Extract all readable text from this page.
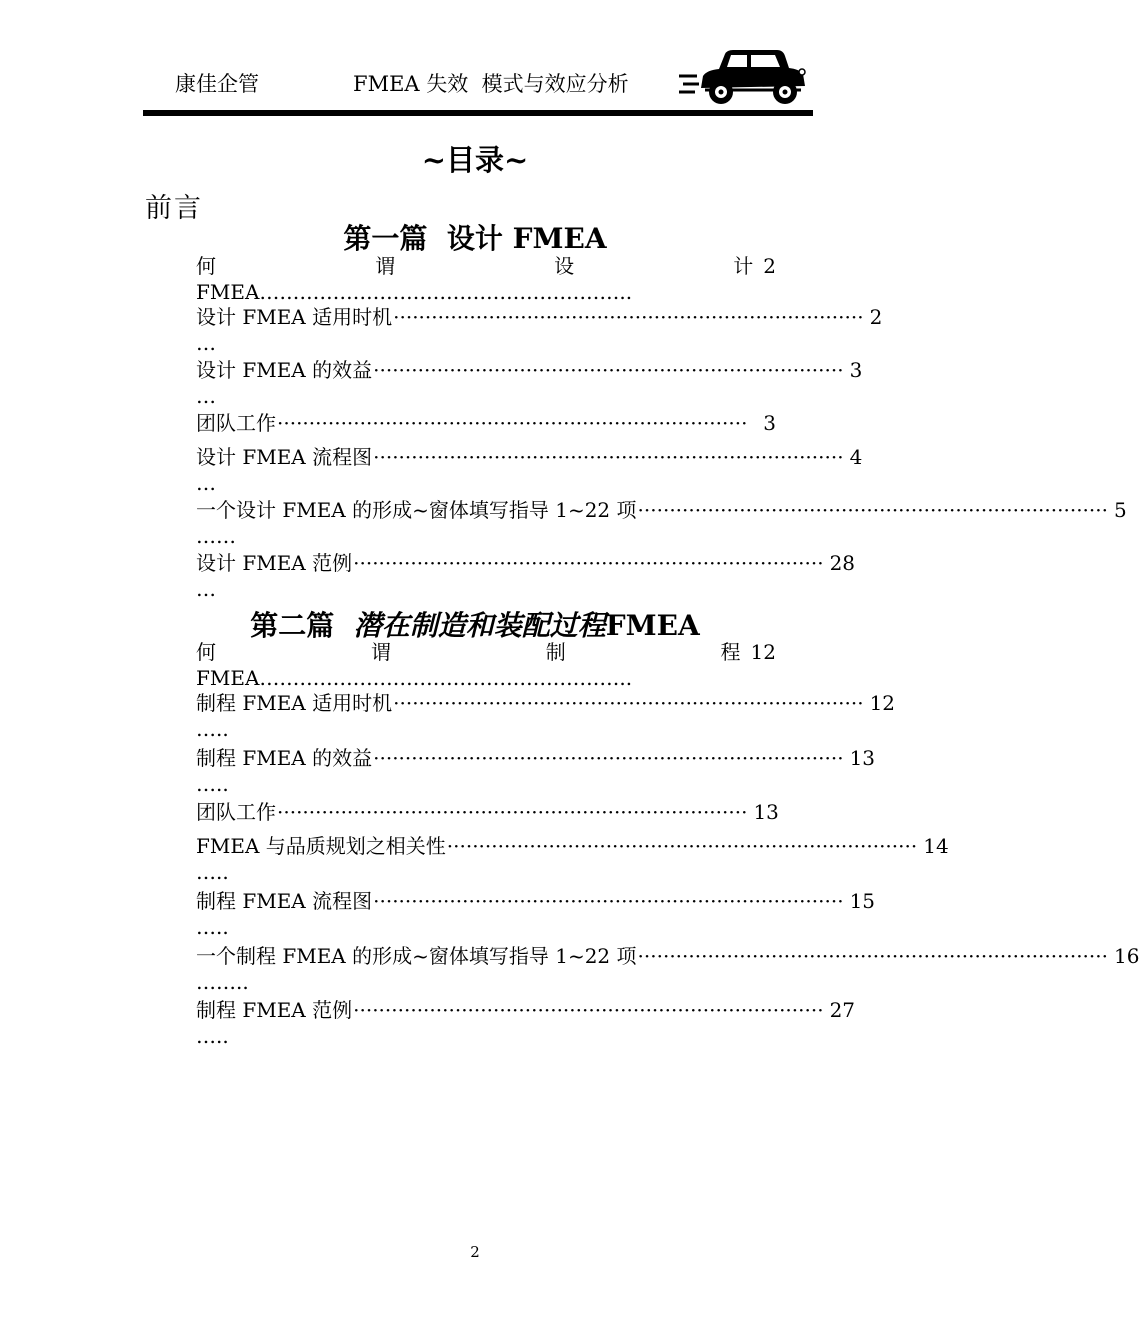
康佳企管	FMEA 失效  模式与效应分析
~目录~
前言
第一篇  设计 FMEA
何	谓	设	计 2
FMEA………………………………………………..
设计 FMEA 适用时机 ·········································································· 2
…
设计 FMEA 的效益 ·········································································· 3
…
团队工作 ·········································································· 3
设计 FMEA 流程图 ·········································································· 4
…
一个设计 FMEA 的形成~窗体填写指导 1~22 项 ·········································································· 5
……
设计 FMEA 范例 ·········································································· 28
…
第二篇  潜在制造和装配过程FMEA
何	谓	制	程 12
FMEA………………………………………………..
制程 FMEA 适用时机 ·········································································· 12
…..
制程 FMEA 的效益 ·········································································· 13
…..
团队工作 ·········································································· 13
FMEA 与品质规划之相关性 ·········································································· 14
…..
制程 FMEA 流程图 ·········································································· 15
…..
一个制程 FMEA 的形成~窗体填写指导 1~22 项 ·········································································· 16
……..
制程 FMEA 范例 ·········································································· 27
…..
2
